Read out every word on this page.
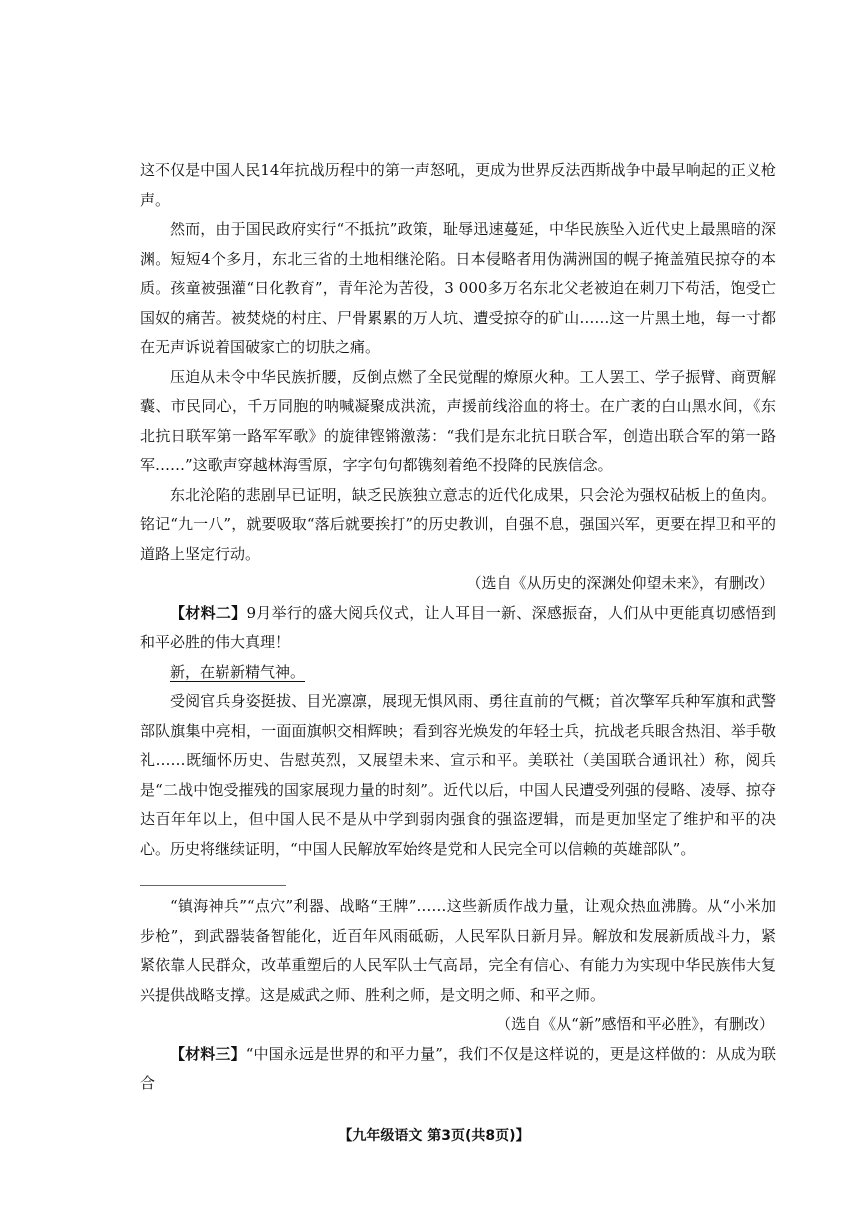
这不仅是中国人民14年抗战历程中的第一声怒吼，更成为世界反法西斯战争中最早响起的正义枪声。

然而，由于国民政府实行“不抵抗”政策，耻辱迅速蔓延，中华民族坠入近代史上最黑暗的深渊。短短4个多月，东北三省的土地相继沦陷。日本侵略者用伪满洲国的幌子掩盖殖民掠夺的本质。孩童被强灌“日化教育”，青年沦为苦役，3 000多万名东北父老被迫在刺刀下苟活，饱受亡国奴的痛苦。被焚烧的村庄、尸骨累累的万人坑、遭受掠夺的矿山……这一片黑土地，每一寸都在无声诉说着国破家亡的切肤之痛。

压迫从未令中华民族折腰，反倒点燃了全民觉醒的燎原火种。工人罢工、学子振臂、商贾解囊、市民同心，千万同胞的呐喊凝聚成洪流，声援前线浴血的将士。在广袤的白山黑水间，《东北抗日联军第一路军军歌》的旋律铿锵激荡：“我们是东北抗日联合军，创造出联合军的第一路军……”这歌声穿越林海雪原，字字句句都镌刻着绝不投降的民族信念。

东北沦陷的悲剧早已证明，缺乏民族独立意志的近代化成果，只会沦为强权砧板上的鱼肉。铭记“九一八”，就要吸取“落后就要挨打”的历史教训，自强不息，强国兴军，更要在捍卫和平的道路上坚定行动。

（选自《从历史的深渊处仰望未来》，有删改）

【材料二】9月举行的盛大阅兵仪式，让人耳目一新、深感振奋，人们从中更能真切感悟到和平必胜的伟大真理！

新，在崭新精气神。

受阅官兵身姿挺拔、目光凛凛，展现无惧风雨、勇往直前的气概；首次擎军兵种军旗和武警部队旗集中亮相，一面面旗帜交相辉映；看到容光焕发的年轻士兵，抗战老兵眼含热泪、举手敬礼……既缅怀历史、告慰英烈，又展望未来、宣示和平。美联社（美国联合通讯社）称，阅兵是“二战中饱受摧残的国家展现力量的时刻”。近代以后，中国人民遭受列强的侵略、凌辱、掠夺达百年年以上，但中国人民不是从中学到弱肉强食的强盗逻辑，而是更加坚定了维护和平的决心。历史将继续证明，“中国人民解放军始终是党和人民完全可以信赖的英雄部队”。

“镇海神兵”“点穴”利器、战略“王牌”……这些新质作战力量，让观众热血沸腾。从“小米加步枪”，到武器装备智能化，近百年风雨砥砺，人民军队日新月异。解放和发展新质战斗力，紧紧依靠人民群众，改革重塑后的人民军队士气高昂，完全有信心、有能力为实现中华民族伟大复兴提供战略支撑。这是威武之师、胜利之师，是文明之师、和平之师。

（选自《从“新”感悟和平必胜》，有删改）

【材料三】“中国永远是世界的和平力量”，我们不仅是这样说的，更是这样做的：从成为联合

【九年级语文 第3页(共8页)】
